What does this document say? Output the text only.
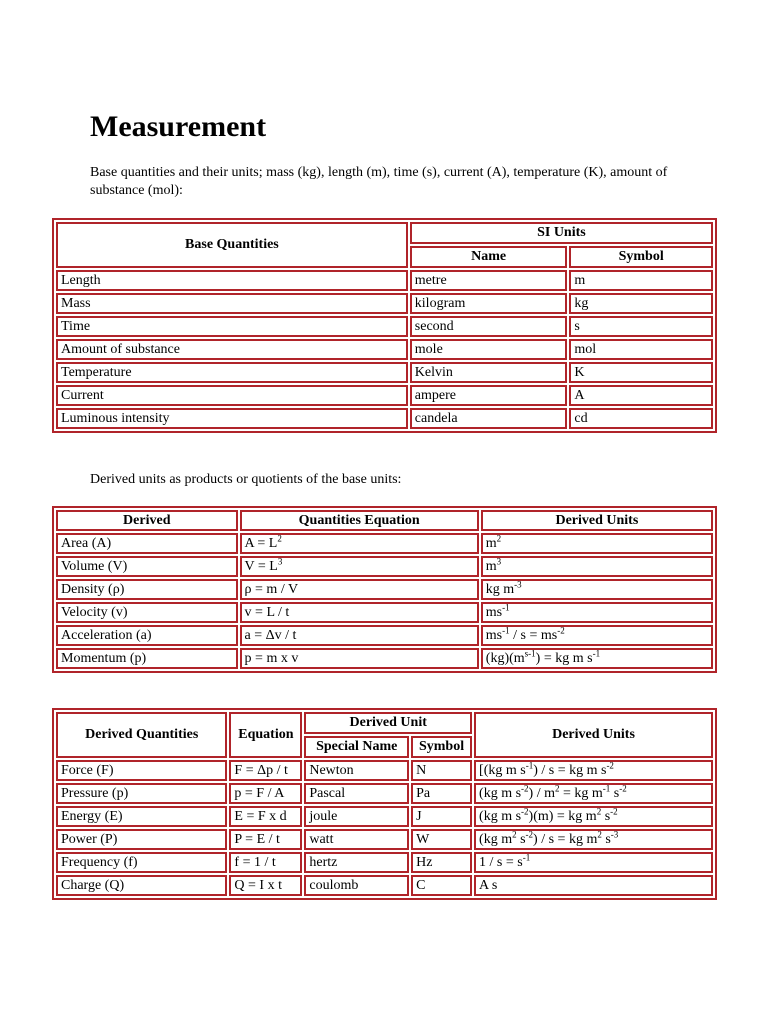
Measurement

Base quantities and their units; mass (kg), length (m), time (s), current (A), temperature (K), amount of substance (mol):

Base Quantities	SI Units	
	Name	Symbol
Length	metre	m
Mass	kilogram	kg
Time	second	s
Amount of substance	mole	mol
Temperature	Kelvin	K
Current	ampere	A
Luminous intensity	candela	cd

Derived units as products or quotients of the base units:

Derived	Quantities Equation	Derived Units
Area (A)	$A = L^2$	$m^2$
Volume (V)	$V = L^3$	$m^3$
Density (ρ)	ρ = m / V	kg $m^{-3}$
Velocity (v)	v = L / t	$ms^{-1}$
Acceleration (a)	a = Δv / t	$ms^{-1} / s = ms^{-2}$
Momentum (p)	p = m x v	$(kg)(m^{s-1})$ = kg m $s^{-1}$
Derived Quantities	Equation	Derived Unit		Derived Units
		Special Name	Symbol	
Force (F)	F = Δp / t	Newton	N	[(kg m $s^{-1}$) / s = kg m $s^{-2}$
Pressure (p)	p = F / A	Pascal	Pa	(kg m $s^{-2}) / m^2$ = kg $m^{-1}$ $s^{-2}$
Energy (E)	E = F x d	joule	J	(kg m $s^{-2})(m)$ = kg $m^2$ $s^{-2}$
Power (P)	P = E / t	watt	W	(kg $m^2$ $s^{-2}$) / s = kg $m^2$ $s^{-3}$
Frequency (f)	f = 1 / t	hertz	Hz	$1 / s = s^{-1}$
Charge (Q)	Q = I x t	coulomb	C	A s
